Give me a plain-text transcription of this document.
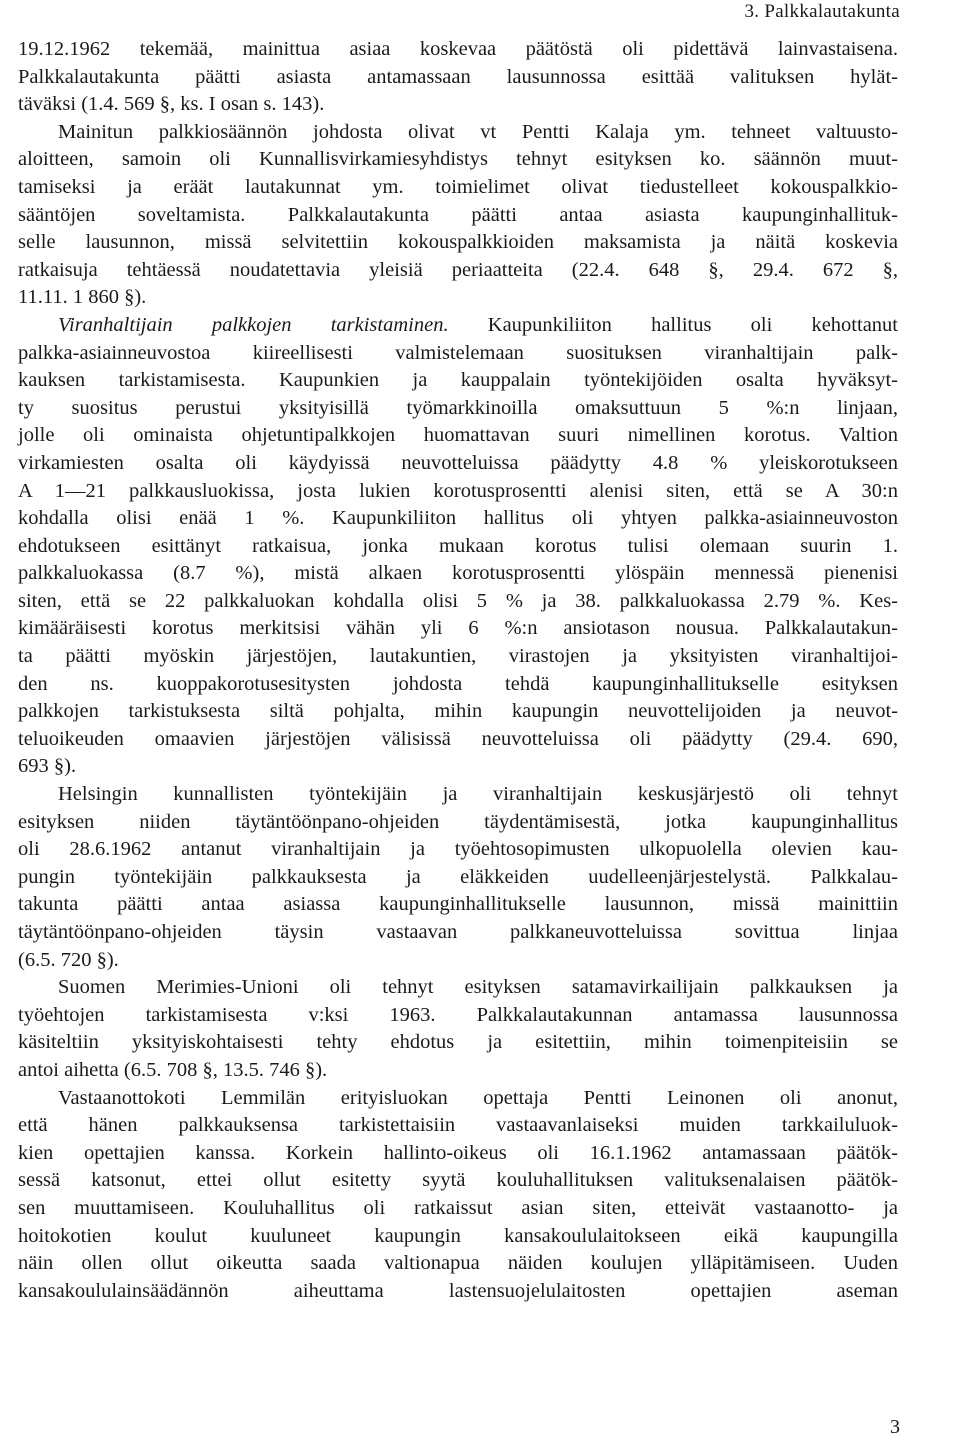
3. Palkkalautakunta
19.12.1962 tekemää, mainittua asiaa koskevaa päätöstä oli pidettävä lainvastaisena.
Palkkalautakunta päätti asiasta antamassaan lausunnossa esittää valituksen hylät-
täväksi (1.4. 569 §, ks. I osan s. 143).
Mainitun palkkiosäännön johdosta olivat vt Pentti Kalaja ym. tehneet valtuusto-
aloitteen, samoin oli Kunnallisvirkamiesyhdistys tehnyt esityksen ko. säännön muut-
tamiseksi ja eräät lautakunnat ym. toimielimet olivat tiedustelleet kokouspalkkio-
sääntöjen soveltamista. Palkkalautakunta päätti antaa asiasta kaupunginhallituk-
selle lausunnon, missä selvitettiin kokouspalkkioiden maksamista ja näitä koskevia
ratkaisuja tehtäessä noudatettavia yleisiä periaatteita (22.4. 648 §, 29.4. 672 §,
11.11. 1 860 §).
Viranhaltijain palkkojen tarkistaminen. Kaupunkiliiton hallitus oli kehottanut
palkka-asiainneuvostoa kiireellisesti valmistelemaan suosituksen viranhaltijain palk-
kauksen tarkistamisesta. Kaupunkien ja kauppalain työntekijöiden osalta hyväksyt-
ty suositus perustui yksityisillä työmarkkinoilla omaksuttuun 5 %:n linjaan,
jolle oli ominaista ohjetuntipalkkojen huomattavan suuri nimellinen korotus. Valtion
virkamiesten osalta oli käydyissä neuvotteluissa päädytty 4.8 % yleiskorotukseen
A 1—21 palkkausluokissa, josta lukien korotusprosentti alenisi siten, että se A 30:n
kohdalla olisi enää 1 %. Kaupunkiliiton hallitus oli yhtyen palkka-asiainneuvoston
ehdotukseen esittänyt ratkaisua, jonka mukaan korotus tulisi olemaan suurin 1.
palkkaluokassa (8.7 %), mistä alkaen korotusprosentti ylöspäin mennessä pienenisi
siten, että se 22 palkkaluokan kohdalla olisi 5 % ja 38. palkkaluokassa 2.79 %. Kes-
kimääräisesti korotus merkitsisi vähän yli 6 %:n ansiotason nousua. Palkkalautakun-
ta päätti myöskin järjestöjen, lautakuntien, virastojen ja yksityisten viranhaltijoi-
den ns. kuoppakorotusesitysten johdosta tehdä kaupunginhallitukselle esityksen
palkkojen tarkistuksesta siltä pohjalta, mihin kaupungin neuvottelijoiden ja neuvot-
teluoikeuden omaavien järjestöjen välisissä neuvotteluissa oli päädytty (29.4. 690,
693 §).
Helsingin kunnallisten työntekijäin ja viranhaltijain keskusjärjestö oli tehnyt
esityksen niiden täytäntöönpano-ohjeiden täydentämisestä, jotka kaupunginhallitus
oli 28.6.1962 antanut viranhaltijain ja työehtosopimusten ulkopuolella olevien kau-
pungin työntekijäin palkkauksesta ja eläkkeiden uudelleenjärjestelystä. Palkkalau-
takunta päätti antaa asiassa kaupunginhallitukselle lausunnon, missä mainittiin
täytäntöönpano-ohjeiden täysin vastaavan palkkaneuvotteluissa sovittua linjaa
(6.5. 720 §).
Suomen Merimies-Unioni oli tehnyt esityksen satamavirkailijain palkkauksen ja
työehtojen tarkistamisesta v:ksi 1963. Palkkalautakunnan antamassa lausunnossa
käsiteltiin yksityiskohtaisesti tehty ehdotus ja esitettiin, mihin toimenpiteisiin se
antoi aihetta (6.5. 708 §, 13.5. 746 §).
Vastaanottokoti Lemmilän erityisluokan opettaja Pentti Leinonen oli anonut,
että hänen palkkauksensa tarkistettaisiin vastaavanlaiseksi muiden tarkkailuluok-
kien opettajien kanssa. Korkein hallinto-oikeus oli 16.1.1962 antamassaan päätök-
sessä katsonut, ettei ollut esitetty syytä kouluhallituksen valituksenalaisen päätök-
sen muuttamiseen. Kouluhallitus oli ratkaissut asian siten, etteivät vastaanotto- ja
hoitokotien koulut kuuluneet kaupungin kansakoululaitokseen eikä kaupungilla
näin ollen ollut oikeutta saada valtionapua näiden koulujen ylläpitämiseen. Uuden
kansakoululainsäädännön aiheuttama lastensuojelulaitosten opettajien aseman
3
